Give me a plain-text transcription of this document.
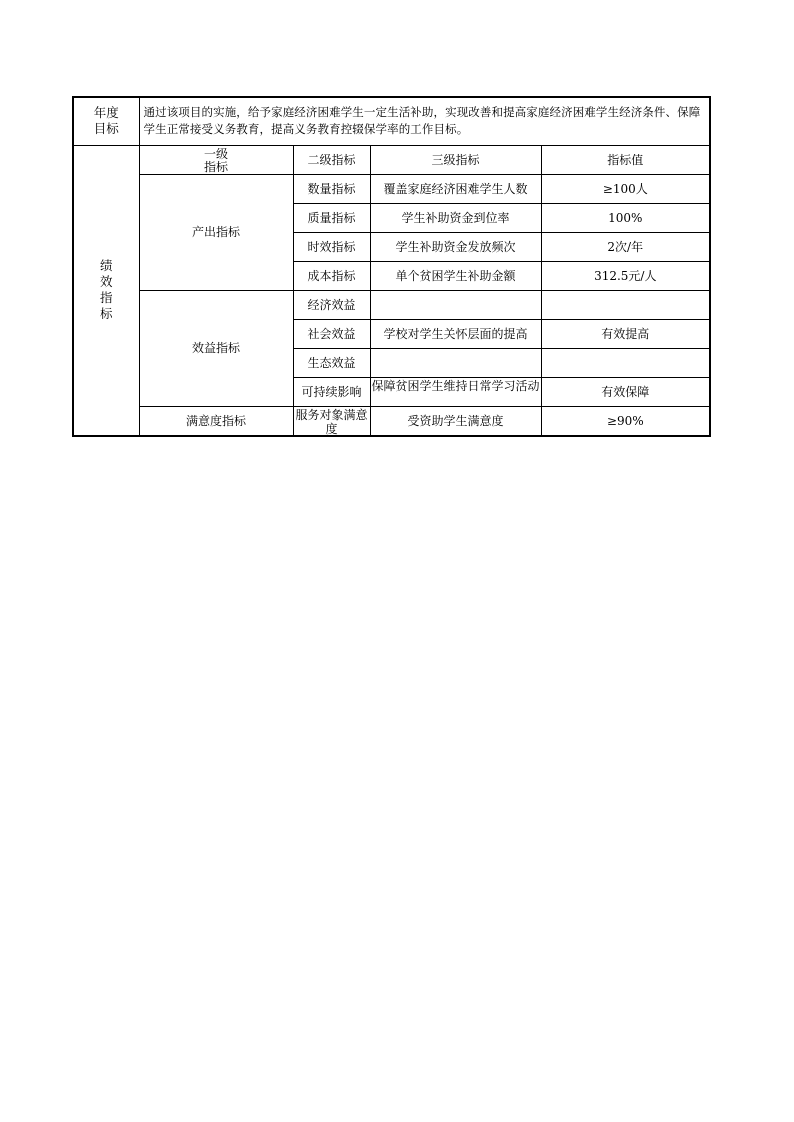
年度目标	通过该项目的实施，给予家庭经济困难学生一定生活补助，实现改善和提高家庭经济困难学生经济条件、保障学生正常接受义务教育，提高义务教育控辍保学率的工作目标。			

绩效指标	一级指标	二级指标	三级指标	指标值
	产出指标	数量指标	覆盖家庭经济困难学生人数	≥100人
		质量指标	学生补助资金到位率	100%
		时效指标	学生补助资金发放频次	2次/年
		成本指标	单个贫困学生补助金额	312.5元/人
	效益指标	经济效益		
		社会效益	学校对学生关怀层面的提高	有效提高
		生态效益		
		可持续影响	保障贫困学生维持日常学习活动	有效保障
	满意度指标	服务对象满意度	受资助学生满意度	≥90%
